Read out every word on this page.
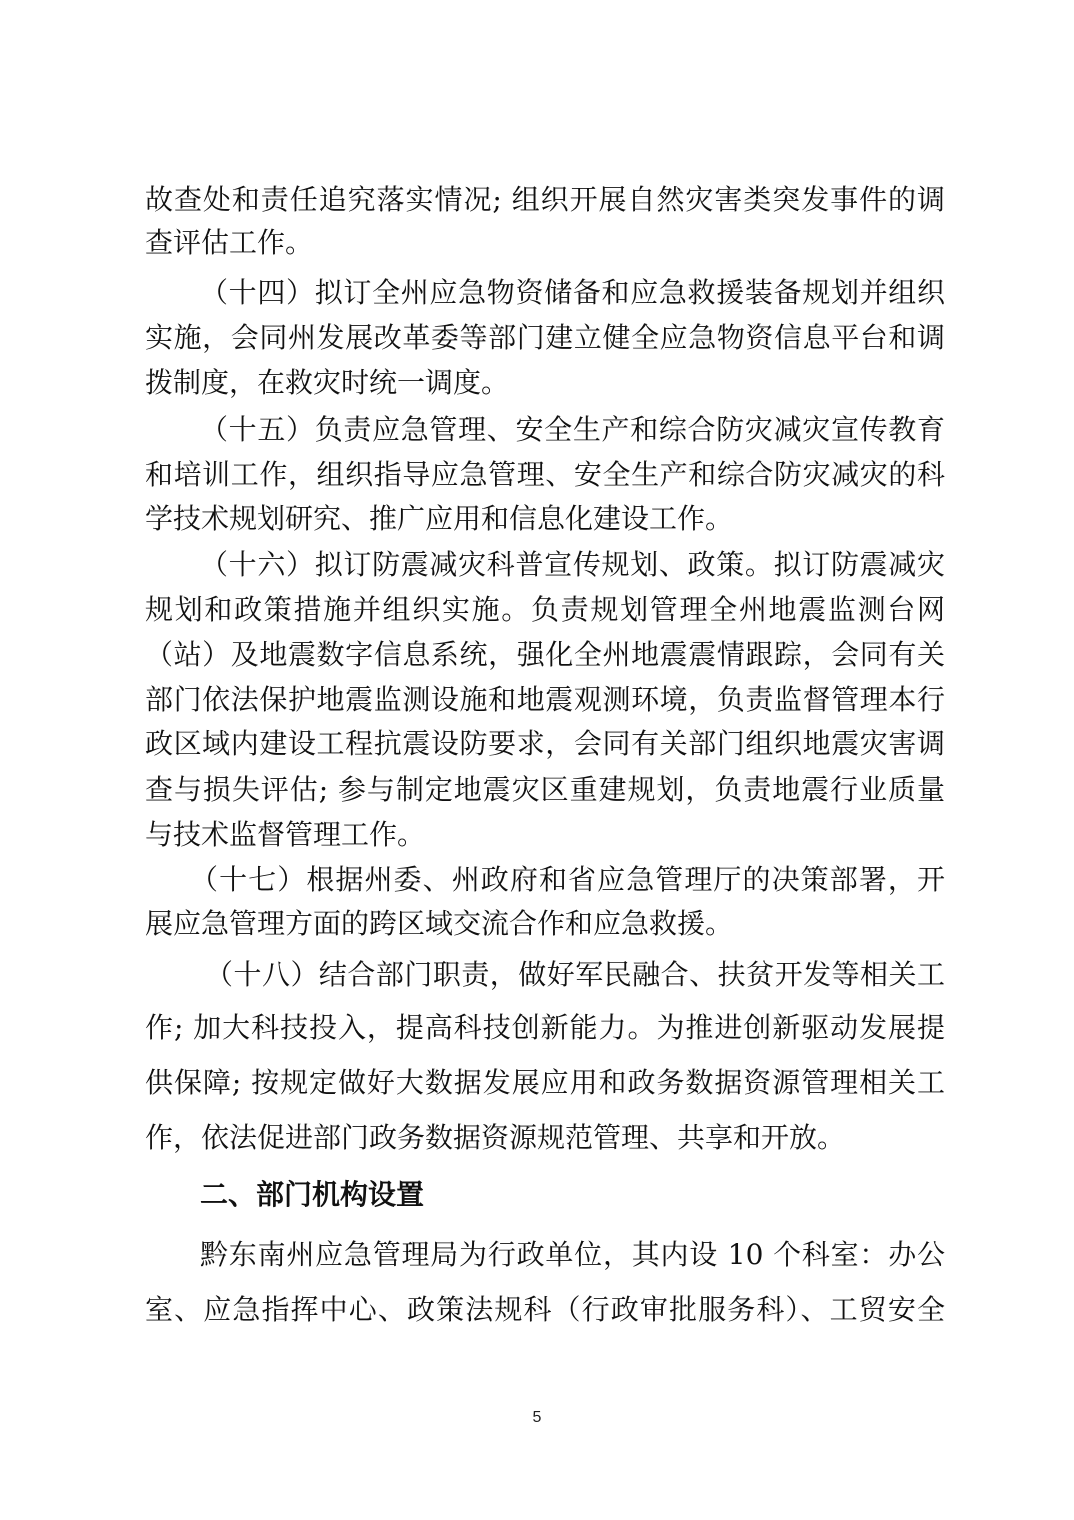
故查处和责任追究落实情况; 组织开展自然灾害类突发事件的调

查评估工作。

（十四）拟订全州应急物资储备和应急救援装备规划并组织

实施，会同州发展改革委等部门建立健全应急物资信息平台和调

拨制度，在救灾时统一调度。

（十五）负责应急管理、安全生产和综合防灾减灾宣传教育

和培训工作，组织指导应急管理、安全生产和综合防灾减灾的科

学技术规划研究、推广应用和信息化建设工作。

（十六）拟订防震减灾科普宣传规划、政策。拟订防震减灾

规划和政策措施并组织实施。负责规划管理全州地震监测台网

（站）及地震数字信息系统，强化全州地震震情跟踪，会同有关

部门依法保护地震监测设施和地震观测环境，负责监督管理本行

政区域内建设工程抗震设防要求，会同有关部门组织地震灾害调

查与损失评估; 参与制定地震灾区重建规划，负责地震行业质量

与技术监督管理工作。

（十七）根据州委、州政府和省应急管理厅的决策部署，开

展应急管理方面的跨区域交流合作和应急救援。

（十八）结合部门职责，做好军民融合、扶贫开发等相关工

作; 加大科技投入，提高科技创新能力。为推进创新驱动发展提

供保障; 按规定做好大数据发展应用和政务数据资源管理相关工

作，依法促进部门政务数据资源规范管理、共享和开放。

二、部门机构设置

黔东南州应急管理局为行政单位，其内设 10 个科室：办公

室、应急指挥中心、政策法规科（行政审批服务科）、工贸安全

5
